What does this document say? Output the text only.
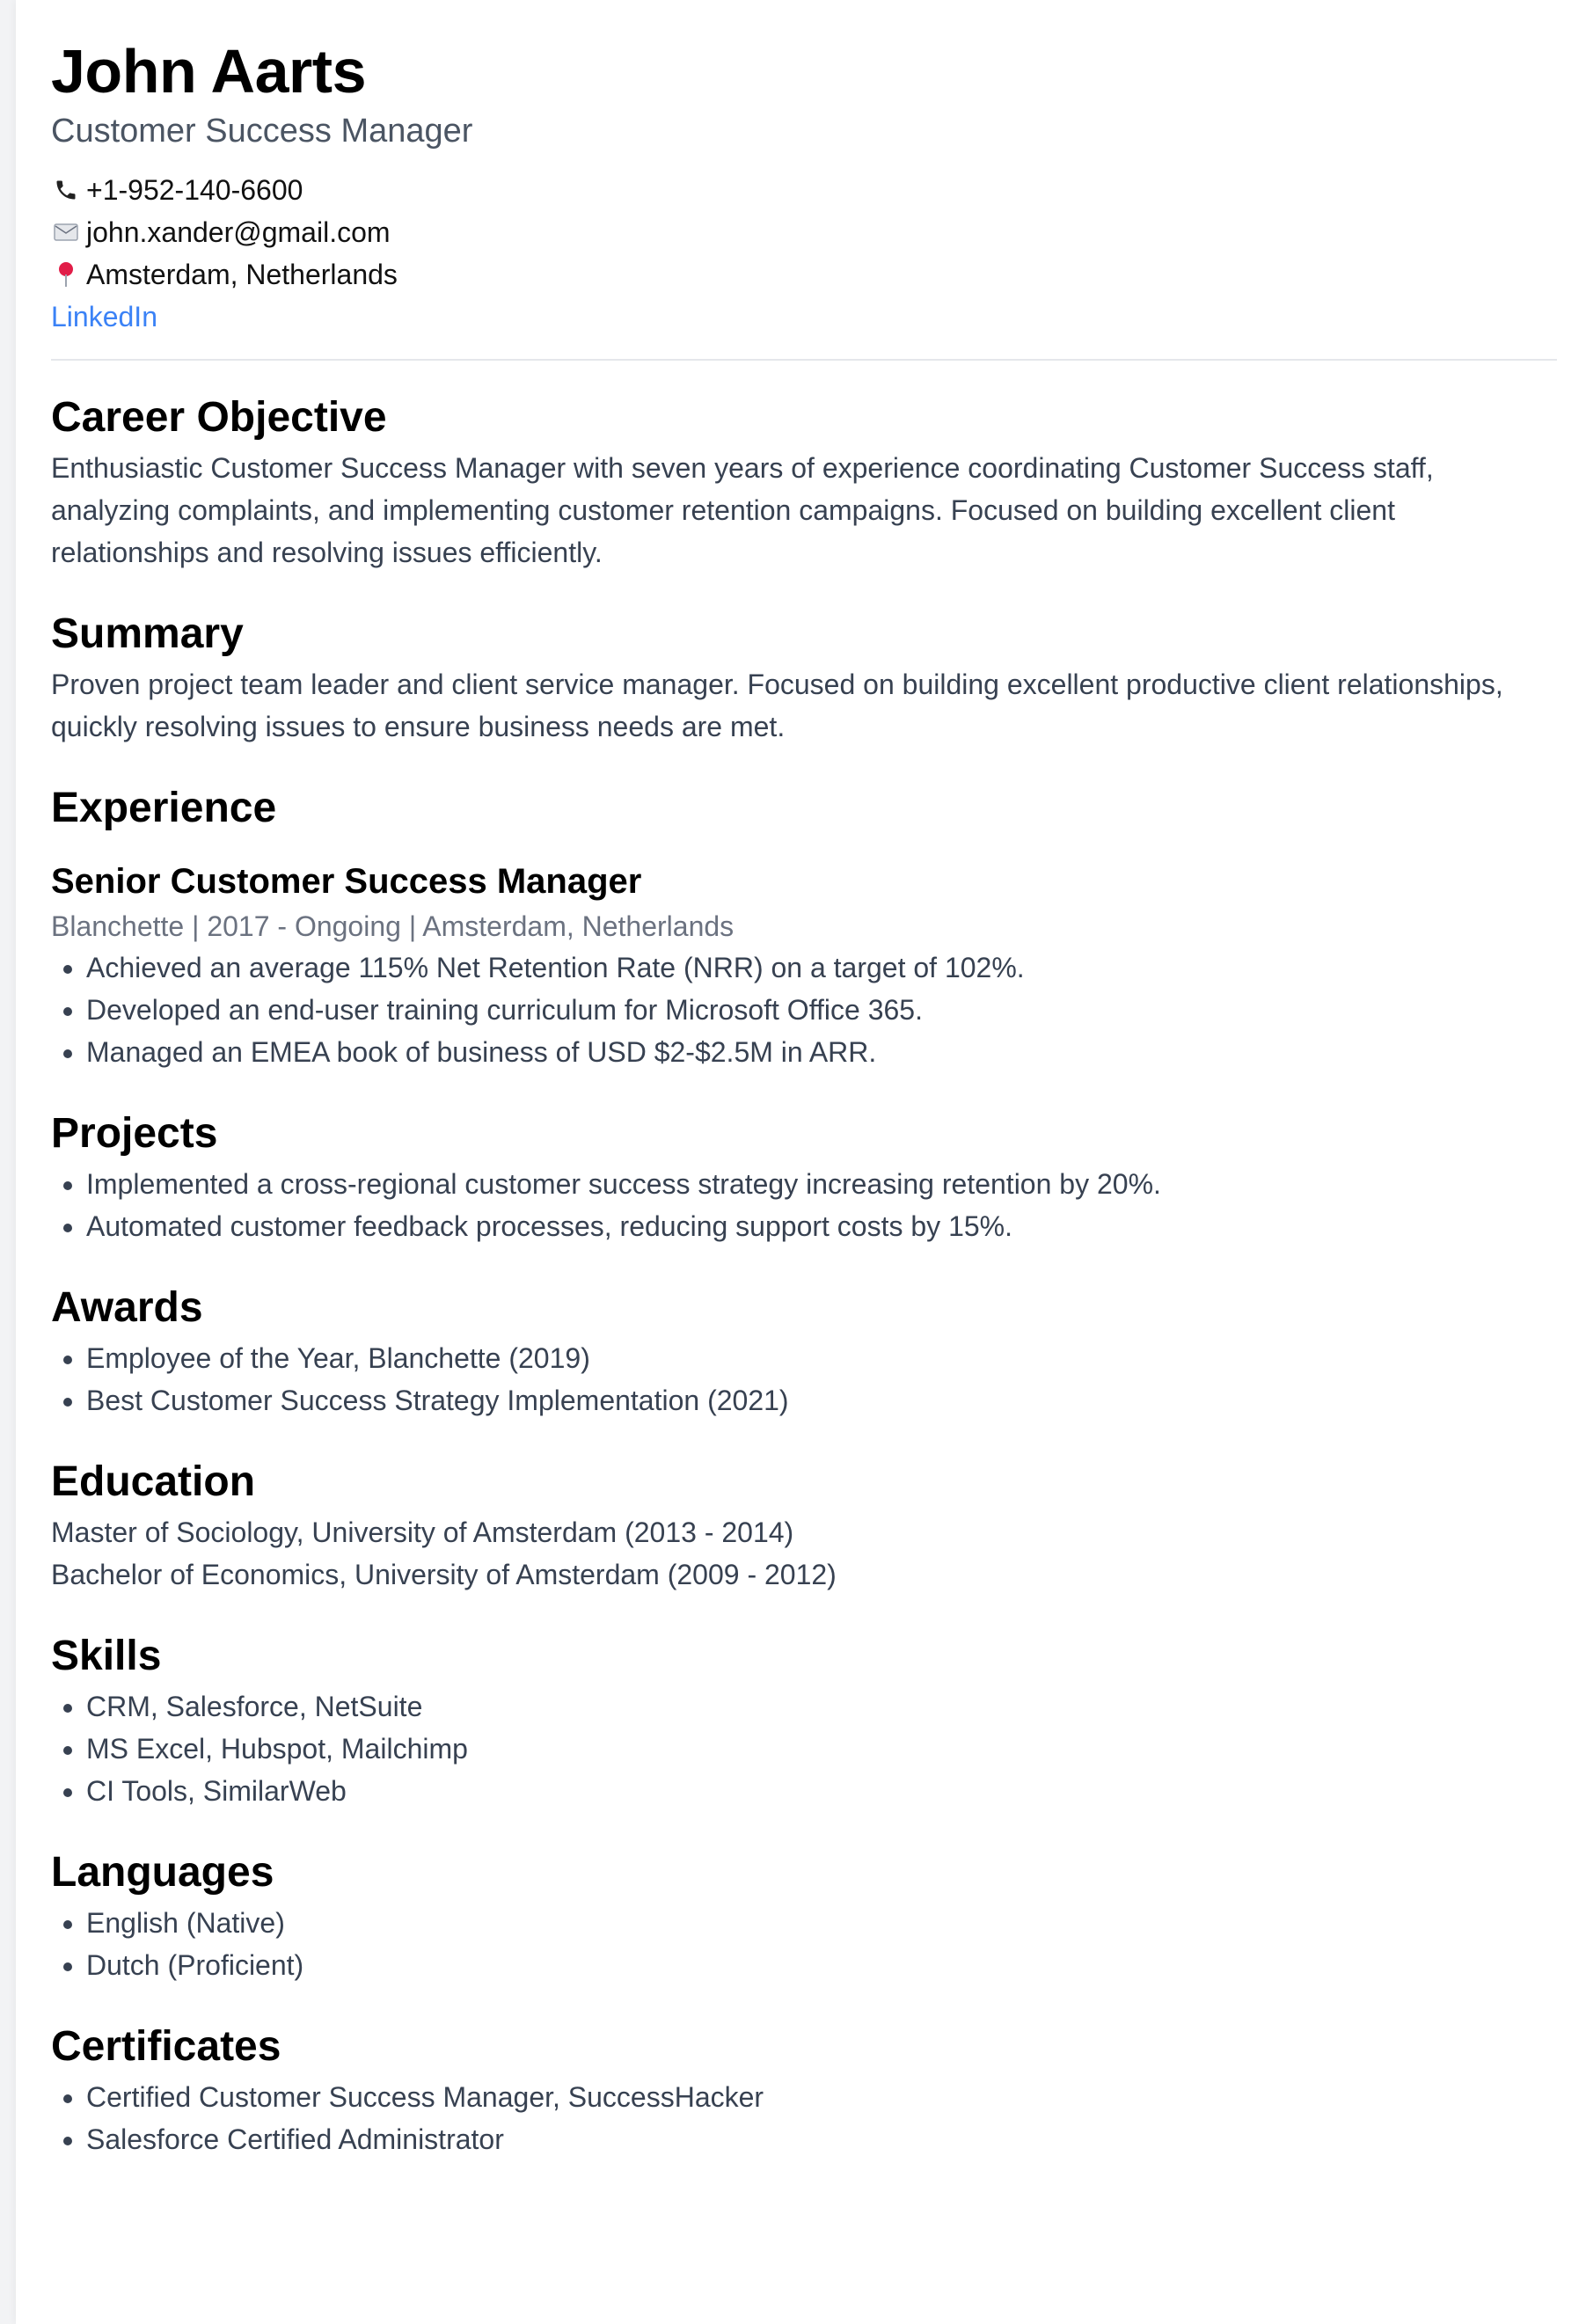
John Aarts
Customer Success Manager
+1-952-140-6600
john.xander@gmail.com
Amsterdam, Netherlands
LinkedIn
Career Objective

Enthusiastic Customer Success Manager with seven years of experience coordinating Customer Success staff, analyzing complaints, and implementing customer retention campaigns. Focused on building excellent client relationships and resolving issues efficiently.

Summary

Proven project team leader and client service manager. Focused on building excellent productive client relationships, quickly resolving issues to ensure business needs are met.

Experience
Senior Customer Success Manager
Blanchette | 2017 - Ongoing | Amsterdam, Netherlands
• Achieved an average 115% Net Retention Rate (NRR) on a target of 102%.
• Developed an end-user training curriculum for Microsoft Office 365.
• Managed an EMEA book of business of USD $2-$2.5M in ARR.
Projects
• Implemented a cross-regional customer success strategy increasing retention by 20%.
• Automated customer feedback processes, reducing support costs by 15%.
Awards
• Employee of the Year, Blanchette (2019)
• Best Customer Success Strategy Implementation (2021)
Education
Master of Sociology, University of Amsterdam (2013 - 2014)
Bachelor of Economics, University of Amsterdam (2009 - 2012)
Skills
• CRM, Salesforce, NetSuite
• MS Excel, Hubspot, Mailchimp
• CI Tools, SimilarWeb
Languages
• English (Native)
• Dutch (Proficient)
Certificates
• Certified Customer Success Manager, SuccessHacker
• Salesforce Certified Administrator
